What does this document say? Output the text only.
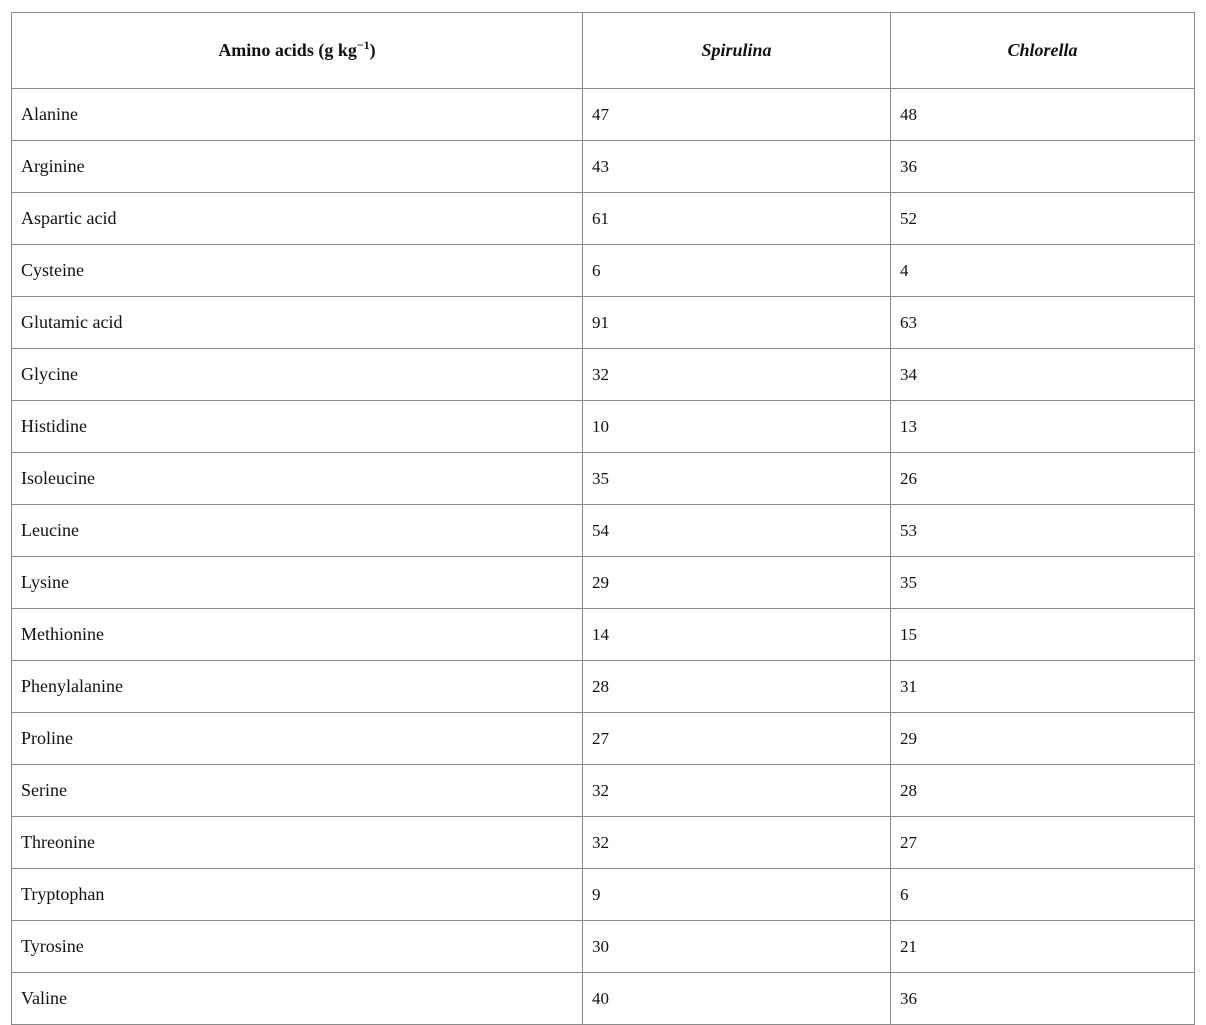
Amino acids (g $kg^{-1}$)	Spirulina	Chlorella
Alanine	47	48
Arginine	43	36
Aspartic acid	61	52
Cysteine	6	4
Glutamic acid	91	63
Glycine	32	34
Histidine	10	13
Isoleucine	35	26
Leucine	54	53
Lysine	29	35
Methionine	14	15
Phenylalanine	28	31
Proline	27	29
Serine	32	28
Threonine	32	27
Tryptophan	9	6
Tyrosine	30	21
Valine	40	36
